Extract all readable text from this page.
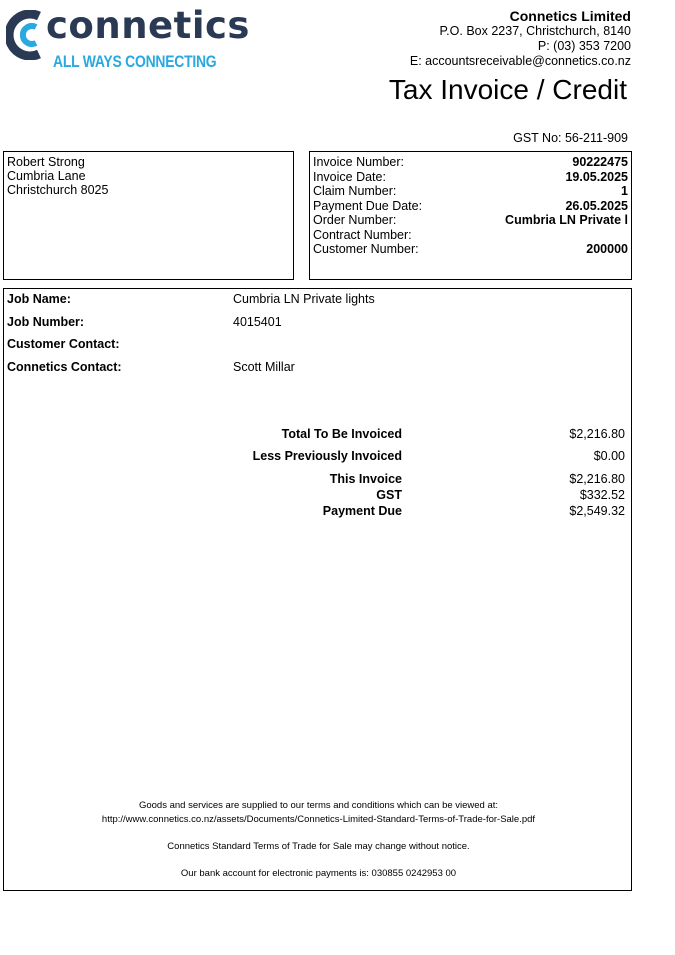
connetics
ALL WAYS CONNECTING
Connetics Limited
P.O. Box 2237, Christchurch, 8140
P: (03) 353 7200
E: accountsreceivable@connetics.co.nz
Tax Invoice / Credit
GST No: 56-211-909
Robert Strong
Cumbria Lane
Christchurch 8025
Invoice Number:	90222475
Invoice Date:	19.05.2025
Claim Number:	1
Payment Due Date:	26.05.2025
Order Number:	Cumbria LN Private l
Contract Number:
Customer Number:	200000
Job Name:	Cumbria LN Private lights
Job Number:	4015401
Customer Contact:
Connetics Contact:	Scott Millar
Total To Be Invoiced	$2,216.80
Less Previously Invoiced	$0.00
This Invoice	$2,216.80
GST	$332.52
Payment Due	$2,549.32
Goods and services are supplied to our terms and conditions which can be viewed at:
http://www.connetics.co.nz/assets/Documents/Connetics-Limited-Standard-Terms-of-Trade-for-Sale.pdf
Connetics Standard Terms of Trade for Sale may change without notice.
Our bank account for electronic payments is: 030855 0242953 00
